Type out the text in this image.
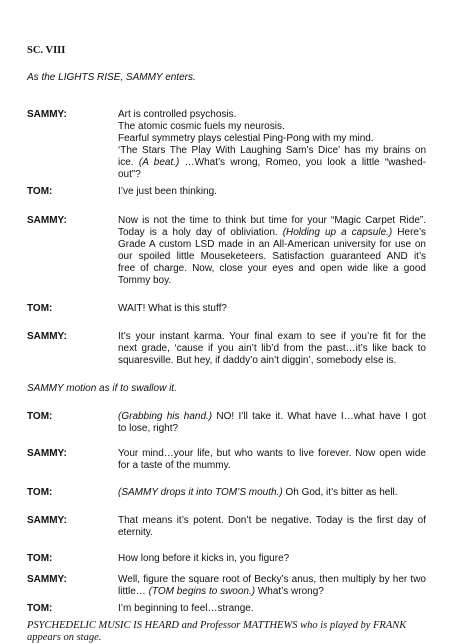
SC. VIII
As the LIGHTS RISE, SAMMY enters.
SAMMY:	Art is controlled psychosis.
The atomic cosmic fuels my neurosis.
Fearful symmetry plays celestial Ping-Pong with my mind.
‘The Stars The Play With Laughing Sam’s Dice’ has my brains on
ice. (A beat.) …What’s wrong, Romeo, you look a little “washed-
out”?
TOM:	I’ve just been thinking.
SAMMY:	Now is not the time to think but time for your “Magic Carpet Ride”.
Today is a holy day of obliviation. (Holding up a capsule.) Here’s
Grade A custom LSD made in an All-American university for use on
our spoiled little Mouseketeers. Satisfaction guaranteed AND it’s
free of charge. Now, close your eyes and open wide like a good
Tommy boy.
TOM:	WAIT! What is this stuff?
SAMMY:	It’s your instant karma. Your final exam to see if you’re fit for the
next grade, ‘cause if you ain’t lib’d from the past…it’s like back to
squaresville. But hey, if daddy’o ain’t diggin’, somebody else is.
SAMMY motion as if to swallow it.
TOM:	(Grabbing his hand.) NO! I’ll take it. What have I…what have I got
to lose, right?
SAMMY:	Your mind…your life, but who wants to live forever. Now open wide
for a taste of the mummy.
TOM:	(SAMMY drops it into TOM’S mouth.) Oh God, it’s bitter as hell.
SAMMY:	That means it’s potent. Don’t be negative. Today is the first day of
eternity.
TOM:	How long before it kicks in, you figure?
SAMMY:	Well, figure the square root of Becky’s anus, then multiply by her two
little… (TOM begins to swoon.) What’s wrong?
TOM:	I’m beginning to feel…strange.
PSYCHEDELIC MUSIC IS HEARD and Professor MATTHEWS who is played by FRANK
appears on stage.
